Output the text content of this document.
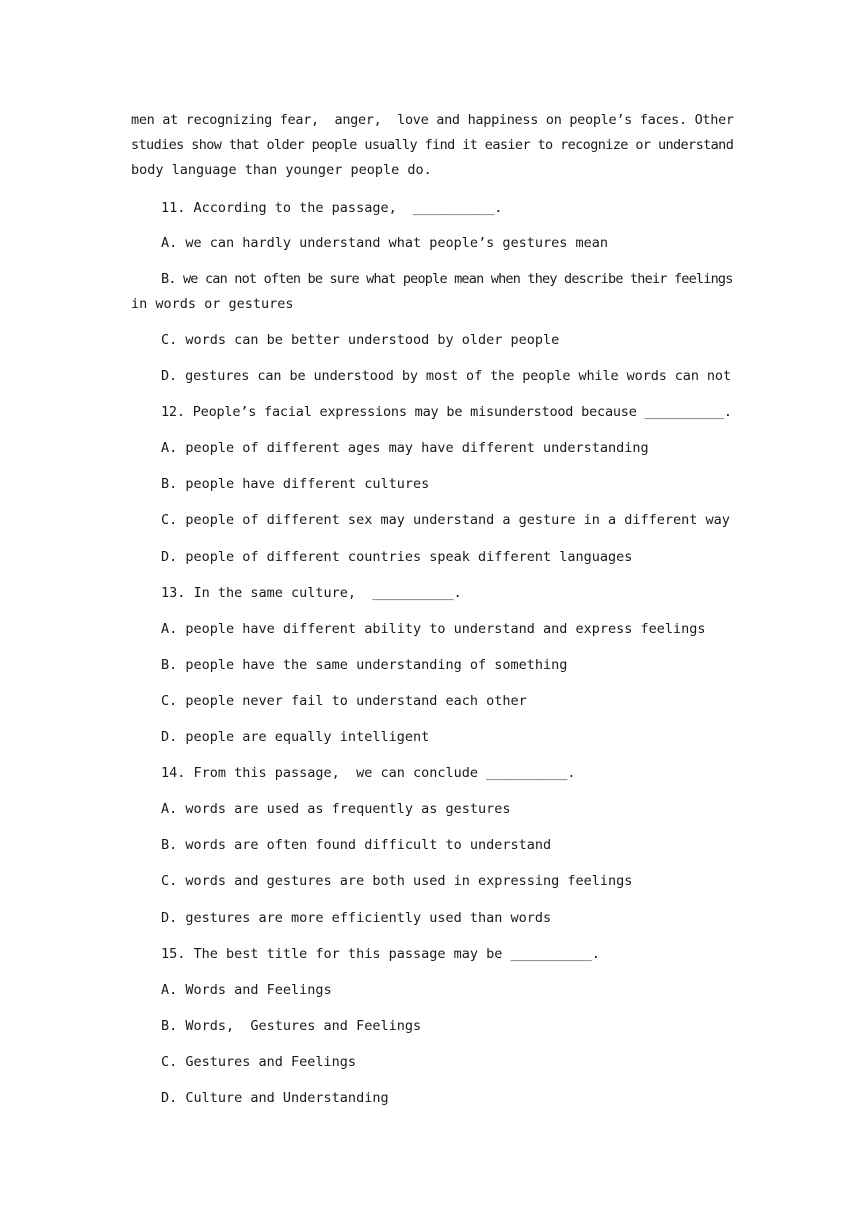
men at recognizing fear,  anger,  love and happiness on people’s faces. Other
studies show that older people usually find it easier to recognize or understand
body language than younger people do.
11. According to the passage,  __________.
A. we can hardly understand what people’s gestures mean
B. we can not often be sure what people mean when they describe their feelings
in words or gestures
C. words can be better understood by older people
D. gestures can be understood by most of the people while words can not
12. People’s facial expressions may be misunderstood because __________.
A. people of different ages may have different understanding
B. people have different cultures
C. people of different sex may understand a gesture in a different way
D. people of different countries speak different languages
13. In the same culture,  __________.
A. people have different ability to understand and express feelings
B. people have the same understanding of something
C. people never fail to understand each other
D. people are equally intelligent
14. From this passage,  we can conclude __________.
A. words are used as frequently as gestures
B. words are often found difficult to understand
C. words and gestures are both used in expressing feelings
D. gestures are more efficiently used than words
15. The best title for this passage may be __________.
A. Words and Feelings
B. Words,  Gestures and Feelings
C. Gestures and Feelings
D. Culture and Understanding
